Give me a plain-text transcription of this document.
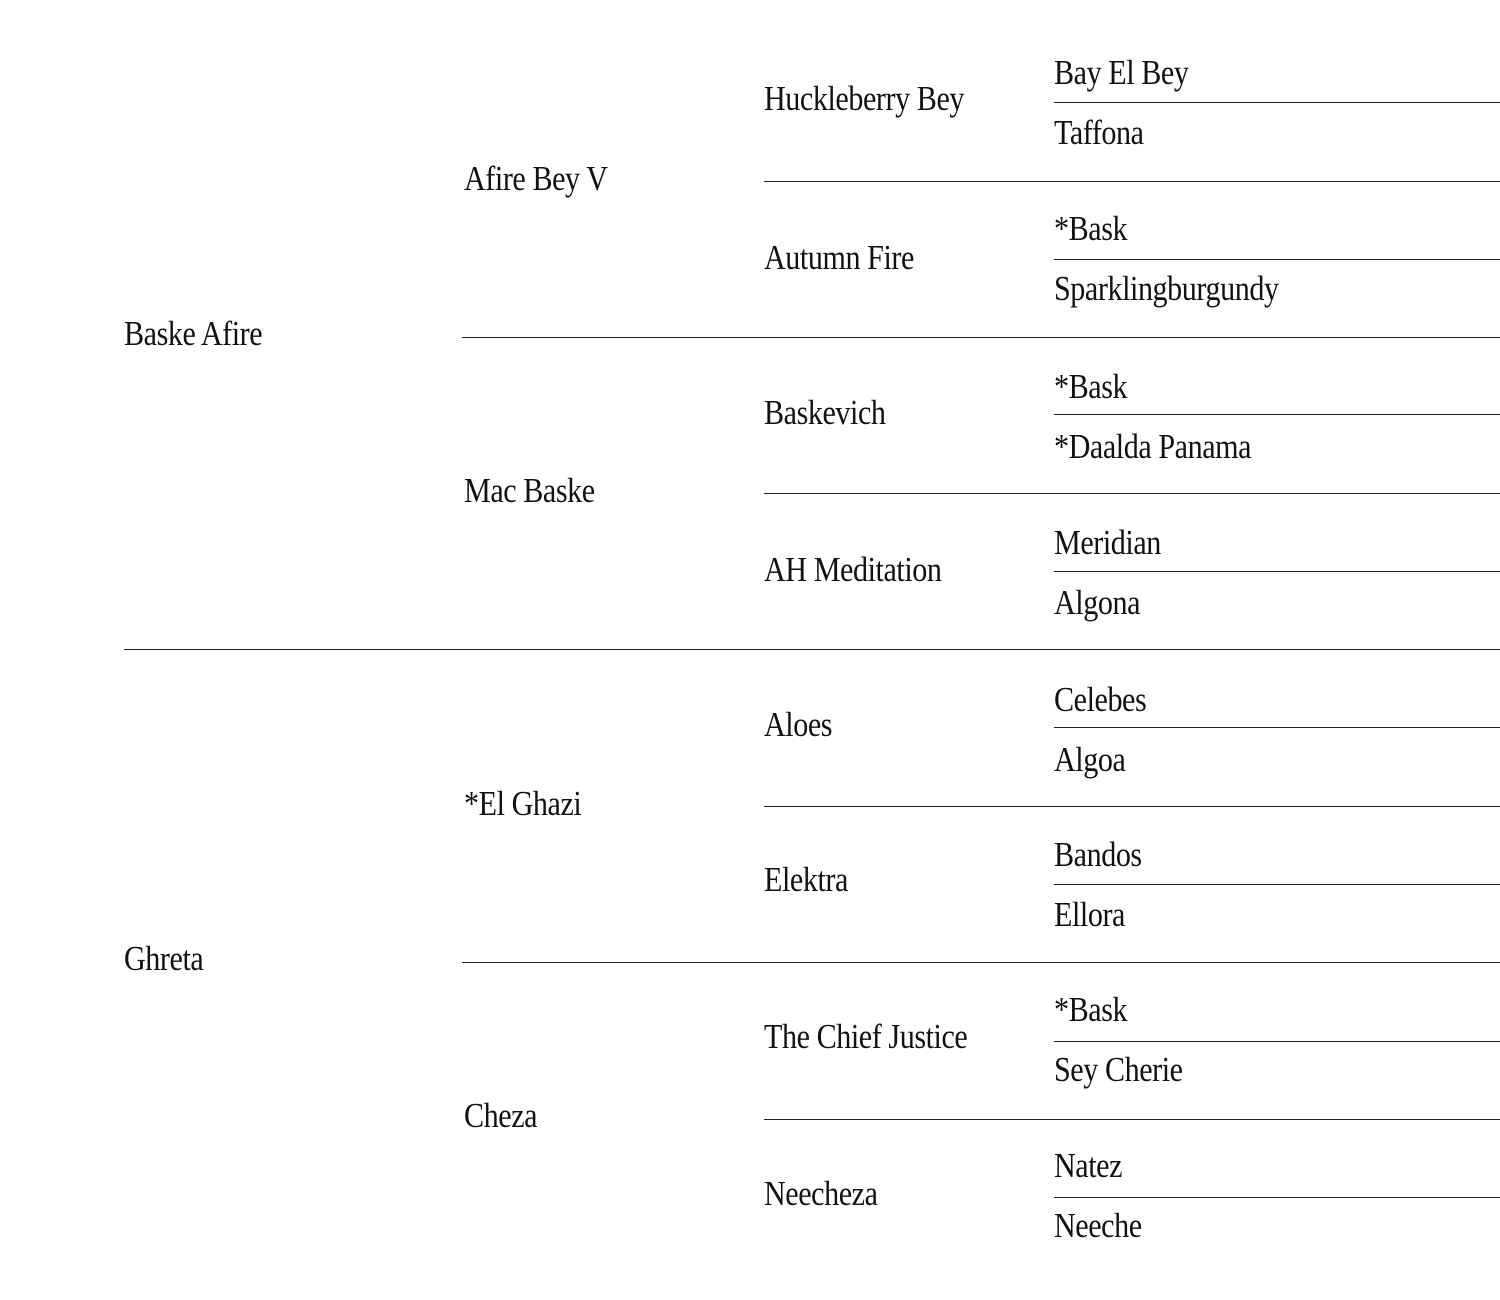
Baske Afire
Ghreta
Afire Bey V
Mac Baske
*El Ghazi
Cheza
Huckleberry Bey
Autumn Fire
Baskevich
AH Meditation
Aloes
Elektra
The Chief Justice
Neecheza
Bay El Bey
Taffona
*Bask
Sparklingburgundy
*Bask
*Daalda Panama
Meridian
Algona
Celebes
Algoa
Bandos
Ellora
*Bask
Sey Cherie
Natez
Neeche
